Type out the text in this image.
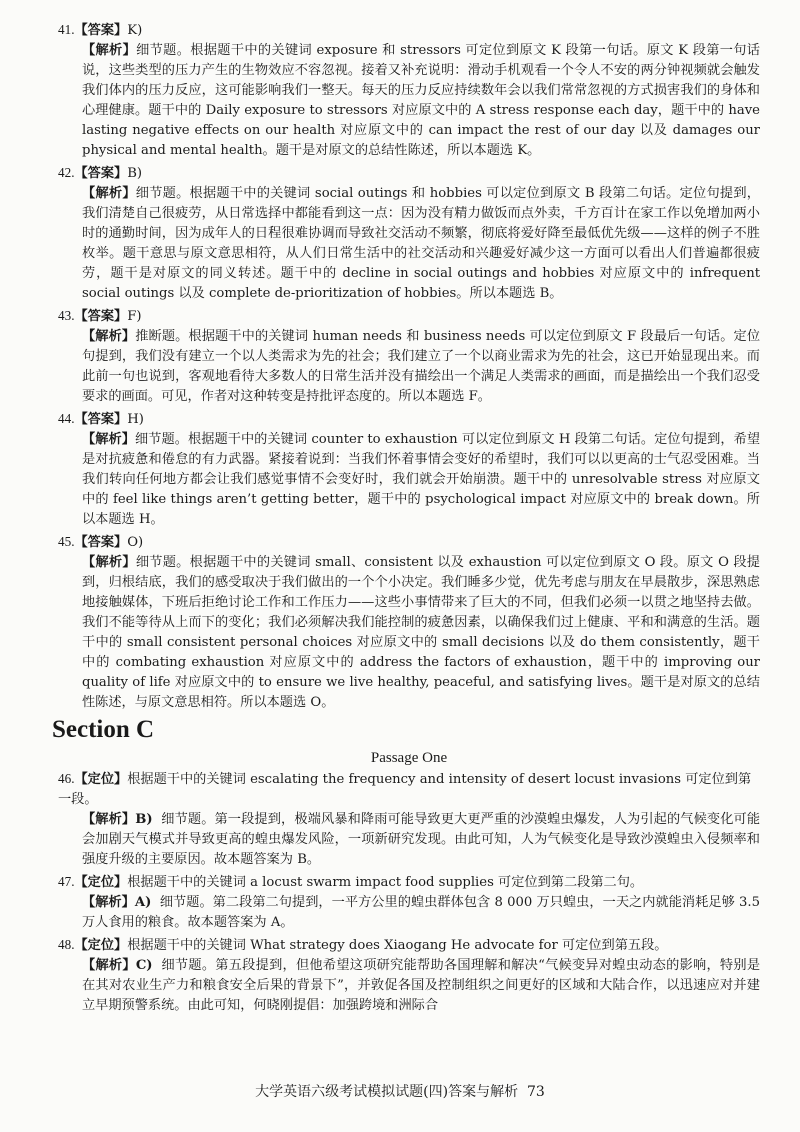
41.【答案】K)
【解析】细节题。根据题干中的关键词 exposure 和 stressors 可定位到原文 K 段第一句话。原文 K 段第一句话说，这些类型的压力产生的生物效应不容忽视。接着又补充说明：滑动手机观看一个令人不安的两分钟视频就会触发我们体内的压力反应，这可能影响我们一整天。每天的压力反应持续数年会以我们常常忽视的方式损害我们的身体和心理健康。题干中的 Daily exposure to stressors 对应原文中的 A stress response each day，题干中的 have lasting negative effects on our health 对应原文中的 can impact the rest of our day 以及 damages our physical and mental health。题干是对原文的总结性陈述，所以本题选 K。
42.【答案】B)
【解析】细节题。根据题干中的关键词 social outings 和 hobbies 可以定位到原文 B 段第二句话。定位句提到，我们清楚自己很疲劳，从日常选择中都能看到这一点：因为没有精力做饭而点外卖，千方百计在家工作以免增加两小时的通勤时间，因为成年人的日程很难协调而导致社交活动不频繁，彻底将爱好降至最低优先级——这样的例子不胜枚举。题干意思与原文意思相符，从人们日常生活中的社交活动和兴趣爱好减少这一方面可以看出人们普遍都很疲劳，题干是对原文的同义转述。题干中的 decline in social outings and hobbies 对应原文中的 infrequent social outings 以及 complete de-prioritization of hobbies。所以本题选 B。
43.【答案】F)
【解析】推断题。根据题干中的关键词 human needs 和 business needs 可以定位到原文 F 段最后一句话。定位句提到，我们没有建立一个以人类需求为先的社会；我们建立了一个以商业需求为先的社会，这已开始显现出来。而此前一句也说到，客观地看待大多数人的日常生活并没有描绘出一个满足人类需求的画面，而是描绘出一个我们忍受要求的画面。可见，作者对这种转变是持批评态度的。所以本题选 F。
44.【答案】H)
【解析】细节题。根据题干中的关键词 counter to exhaustion 可以定位到原文 H 段第二句话。定位句提到，希望是对抗疲惫和倦怠的有力武器。紧接着说到：当我们怀着事情会变好的希望时，我们可以以更高的士气忍受困难。当我们转向任何地方都会让我们感觉事情不会变好时，我们就会开始崩溃。题干中的 unresolvable stress 对应原文中的 feel like things aren’t getting better，题干中的 psychological impact 对应原文中的 break down。所以本题选 H。
45.【答案】O)
【解析】细节题。根据题干中的关键词 small、consistent 以及 exhaustion 可以定位到原文 O 段。原文 O 段提到，归根结底，我们的感受取决于我们做出的一个个小决定。我们睡多少觉，优先考虑与朋友在早晨散步，深思熟虑地接触媒体，下班后拒绝讨论工作和工作压力——这些小事情带来了巨大的不同，但我们必须一以贯之地坚持去做。我们不能等待从上而下的变化；我们必须解决我们能控制的疲惫因素，以确保我们过上健康、平和和满意的生活。题干中的 small consistent personal choices 对应原文中的 small decisions 以及 do them consistently，题干中的 combating exhaustion 对应原文中的 address the factors of exhaustion，题干中的 improving our quality of life 对应原文中的 to ensure we live healthy, peaceful, and satisfying lives。题干是对原文的总结性陈述，与原文意思相符。所以本题选 O。
Section C
Passage One
46.【定位】根据题干中的关键词 escalating the frequency and intensity of desert locust invasions 可定位到第一段。
【解析】B) 细节题。第一段提到，极端风暴和降雨可能导致更大更严重的沙漠蝗虫爆发，人为引起的气候变化可能会加剧天气模式并导致更高的蝗虫爆发风险，一项新研究发现。由此可知，人为气候变化是导致沙漠蝗虫入侵频率和强度升级的主要原因。故本题答案为 B。
47.【定位】根据题干中的关键词 a locust swarm impact food supplies 可定位到第二段第二句。
【解析】A) 细节题。第二段第二句提到，一平方公里的蝗虫群体包含 8 000 万只蝗虫，一天之内就能消耗足够 3.5 万人食用的粮食。故本题答案为 A。
48.【定位】根据题干中的关键词 What strategy does Xiaogang He advocate for 可定位到第五段。
【解析】C) 细节题。第五段提到，但他希望这项研究能帮助各国理解和解决“气候变异对蝗虫动态的影响，特别是在其对农业生产力和粮食安全后果的背景下”，并敦促各国及控制组织之间更好的区域和大陆合作，以迅速应对并建立早期预警系统。由此可知，何晓刚提倡：加强跨境和洲际合
大学英语六级考试模拟试题(四)答案与解析 73
